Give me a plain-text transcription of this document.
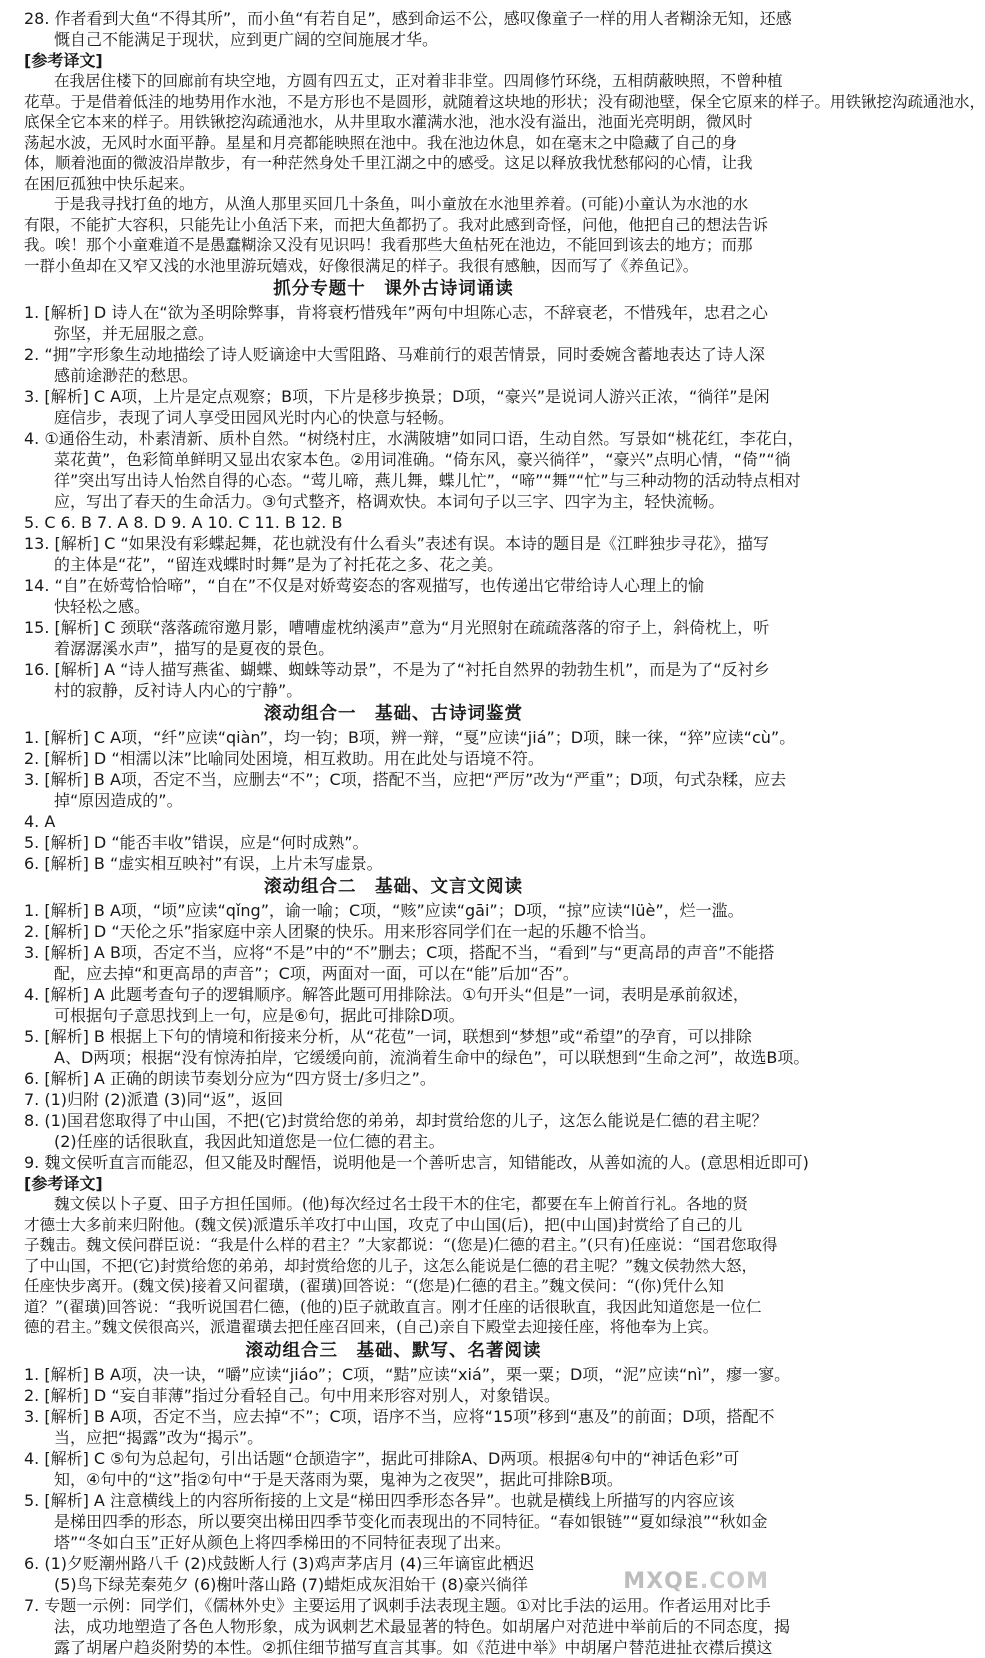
28. 作者看到大鱼“不得其所”，而小鱼“有若自足”，感到命运不公，感叹像童子一样的用人者糊涂无知，还感
慨自己不能满足于现状，应到更广阔的空间施展才华。
[参考译文]
在我居住楼下的回廊前有块空地，方圆有四五丈，正对着非非堂。四周修竹环绕，五相荫蔽映照，不曾种植
花草。于是借着低洼的地势用作水池，不是方形也不是圆形，就随着这块地的形状；没有砌池壁，保全它原来的样子。用铁锹挖沟疏通池水，
底保全它本来的样子。用铁锹挖沟疏通池水，从井里取水灌满水池，池水没有溢出，池面光亮明朗，微风时
荡起水波，无风时水面平静。星星和月亮都能映照在池中。我在池边休息，如在毫末之中隐藏了自己的身
体，顺着池面的微波沿岸散步，有一种茫然身处千里江湖之中的感受。这足以释放我忧愁郁闷的心情，让我
在困厄孤独中快乐起来。
于是我寻找打鱼的地方，从渔人那里买回几十条鱼，叫小童放在水池里养着。(可能)小童认为水池的水
有限，不能扩大容积，只能先让小鱼活下来，而把大鱼都扔了。我对此感到奇怪，问他，他把自己的想法告诉
我。唉！那个小童难道不是愚蠢糊涂又没有见识吗！我看那些大鱼枯死在池边，不能回到该去的地方；而那
一群小鱼却在又窄又浅的水池里游玩嬉戏，好像很满足的样子。我很有感触，因而写了《养鱼记》。
抓分专题十　课外古诗词诵读
1. [解析] D 诗人在“欲为圣明除弊事，肯将衰朽惜残年”两句中坦陈心志，不辞衰老，不惜残年，忠君之心
弥坚，并无屈服之意。
2. “拥”字形象生动地描绘了诗人贬谪途中大雪阻路、马难前行的艰苦情景，同时委婉含蓄地表达了诗人深
感前途渺茫的愁思。
3. [解析] C A项，上片是定点观察；B项，下片是移步换景；D项，“豪兴”是说词人游兴正浓，“徜徉”是闲
庭信步，表现了词人享受田园风光时内心的快意与轻畅。
4. ①通俗生动，朴素清新、质朴自然。“树绕村庄，水满陂塘”如同口语，生动自然。写景如“桃花红，李花白，
菜花黄”，色彩简单鲜明又显出农家本色。②用词准确。“倚东风，豪兴徜徉”，“豪兴”点明心情，“倚”“徜
徉”突出写出诗人怡然自得的心态。“莺儿啼，燕儿舞，蝶儿忙”，“啼”“舞”“忙”与三种动物的活动特点相对
应，写出了春天的生命活力。③句式整齐，格调欢快。本词句子以三字、四字为主，轻快流畅。
5. C 6. B 7. A 8. D 9. A 10. C 11. B 12. B
13. [解析] C “如果没有彩蝶起舞，花也就没有什么看头”表述有误。本诗的题目是《江畔独步寻花》，描写
的主体是“花”，“留连戏蝶时时舞”是为了衬托花之多、花之美。
14. “自”在娇莺恰恰啼”，“自在”不仅是对娇莺姿态的客观描写，也传递出它带给诗人心理上的愉
快轻松之感。
15. [解析] C 颈联“落落疏帘邀月影，嘈嘈虚枕纳溪声”意为“月光照射在疏疏落落的帘子上，斜倚枕上，听
着潺潺溪水声”，描写的是夏夜的景色。
16. [解析] A “诗人描写燕雀、蝴蝶、蜘蛛等动景”，不是为了“衬托自然界的勃勃生机”，而是为了“反衬乡
村的寂静，反衬诗人内心的宁静”。
滚动组合一　基础、古诗词鉴赏
1. [解析] C A项，“纤”应读“qiàn”，均一钧；B项，辨一辩，“戛”应读“jiá”；D项，睐一徕，“猝”应读“cù”。
2. [解析] D “相濡以沫”比喻同处困境，相互救助。用在此处与语境不符。
3. [解析] B A项，否定不当，应删去“不”；C项，搭配不当，应把“严厉”改为“严重”；D项，句式杂糅，应去
掉“原因造成的”。
4. A
5. [解析] D “能否丰收”错误，应是“何时成熟”。
6. [解析] B “虚实相互映衬”有误，上片未写虚景。
滚动组合二　基础、文言文阅读
1. [解析] B A项，“顷”应读“qǐng”，谕一喻；C项，“赅”应读“gāi”；D项，“掠”应读“lüè”，烂一滥。
2. [解析] D “天伦之乐”指家庭中亲人团聚的快乐。用来形容同学们在一起的乐趣不恰当。
3. [解析] A B项，否定不当，应将“不是”中的“不”删去；C项，搭配不当，“看到”与“更高昂的声音”不能搭
配，应去掉“和更高昂的声音”；C项，两面对一面，可以在“能”后加“否”。
4. [解析] A 此题考查句子的逻辑顺序。解答此题可用排除法。①句开头“但是”一词，表明是承前叙述，
可根据句子意思找到上一句，应是⑥句，据此可排除D项。
5. [解析] B 根据上下句的情境和衔接来分析，从“花苞”一词，联想到“梦想”或“希望”的孕育，可以排除
A、D两项；根据“没有惊涛拍岸，它缓缓向前，流淌着生命中的绿色”，可以联想到“生命之河”，故选B项。
6. [解析] A 正确的朗读节奏划分应为“四方贤士/多归之”。
7. (1)归附 (2)派遣 (3)同“返”，返回
8. (1)国君您取得了中山国，不把(它)封赏给您的弟弟，却封赏给您的儿子，这怎么能说是仁德的君主呢？
(2)任座的话很耿直，我因此知道您是一位仁德的君主。
9. 魏文侯听直言而能忍，但又能及时醒悟，说明他是一个善听忠言，知错能改，从善如流的人。(意思相近即可)
[参考译文]
魏文侯以卜子夏、田子方担任国师。(他)每次经过名士段干木的住宅，都要在车上俯首行礼。各地的贤
才德士大多前来归附他。(魏文侯)派遣乐羊攻打中山国，攻克了中山国(后)，把(中山国)封赏给了自己的儿
子魏击。魏文侯问群臣说：“我是什么样的君主？”大家都说：“(您是)仁德的君主。”(只有)任座说：“国君您取得
了中山国，不把(它)封赏给您的弟弟，却封赏给您的儿子，这怎么能说是仁德的君主呢？”魏文侯勃然大怒，
任座快步离开。(魏文侯)接着又问翟璜，(翟璜)回答说：“(您是)仁德的君主。”魏文侯问：“(你)凭什么知
道？”(翟璜)回答说：“我听说国君仁德，(他的)臣子就敢直言。刚才任座的话很耿直，我因此知道您是一位仁
德的君主。”魏文侯很高兴，派遣翟璜去把任座召回来，(自己)亲自下殿堂去迎接任座，将他奉为上宾。
滚动组合三　基础、默写、名著阅读
1. [解析] B A项，决一诀，“嚼”应读“jiáo”；C项，“黠”应读“xiá”，栗一粟；D项，“泥”应读“nì”，瘳一寥。
2. [解析] D “妄自菲薄”指过分看轻自己。句中用来形容对别人，对象错误。
3. [解析] B A项，否定不当，应去掉“不”；C项，语序不当，应将“15项”移到“惠及”的前面；D项，搭配不
当，应把“揭露”改为“揭示”。
4. [解析] C ⑤句为总起句，引出话题“仓颉造字”，据此可排除A、D两项。根据④句中的“神话色彩”可
知，④句中的“这”指②句中“于是天落雨为粟，鬼神为之夜哭”，据此可排除B项。
5. [解析] A 注意横线上的内容所衔接的上文是“梯田四季形态各异”。也就是横线上所描写的内容应该
是梯田四季的形态，所以要突出梯田四季节变化而表现出的不同特征。“春如银链”“夏如绿浪”“秋如金
塔”“冬如白玉”正好从颜色上将四季梯田的不同特征表现了出来。
6. (1)夕贬潮州路八千 (2)戍鼓断人行 (3)鸡声茅店月 (4)三年谪宦此栖迟
(5)鸟下绿芜秦苑夕 (6)榭叶落山路 (7)蜡炬成灰泪始干 (8)豪兴徜徉
7. 专题一示例：同学们，《儒林外史》主要运用了讽刺手法表现主题。①对比手法的运用。作者运用对比手
法，成功地塑造了各色人物形象，成为讽刺艺术最显著的特色。如胡屠户对范进中举前后的不同态度，揭
露了胡屠户趋炎附势的本性。②抓住细节描写直言其事。如《范进中举》中胡屠户替范进扯衣襟后摸这
MXQE.COM
